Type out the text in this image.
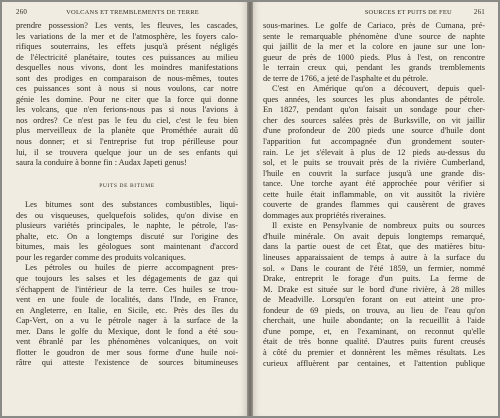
260	VOLCANS ET TREMBLEMENTS DE TERRE
prendre possession? Les vents, les fleuves, les cascades,
les variations de la mer et de l'atmosphère, les foyers calo-
rifiques souterrains, les effets jusqu'à présent négligés
de l'électricité planétaire, toutes ces puissances au milieu
desquelles nous vivons, dont les moindres manifestations
sont des prodiges en comparaison de nous-mêmes, toutes
ces puissances sont à nous si nous voulons, car notre
génie les domine. Pour ne citer que la force qui donne
les volcans, que n'en ferions-nous pas si nous l'avions à
nos ordres? Ce n'est pas le feu du ciel, c'est le feu bien
plus merveilleux de la planète que Prométhée aurait dû
nous donner; et si l'entreprise fut trop périlleuse pour
lui, il se trouvera quelque jour un de ses enfants qui
saura la conduire à bonne fin : Audax Japeti genus!
PUITS DE BITUME
Les bitumes sont des substances combustibles, liqui-
des ou visqueuses, quelquefois solides, qu'on divise en
plusieurs variétés principales, le naphte, le pétrole, l'as-
phalte, etc. On a longtemps discuté sur l'origine des
bitumes, mais les géologues sont maintenant d'accord
pour les regarder comme des produits volcaniques.
Les pétroles ou huiles de pierre accompagnent pres-
que toujours les salses et les dégagements de gaz qui
s'échappent de l'intérieur de la terre. Ces huiles se trou-
vent en une foule de localités, dans l'Inde, en France,
en Angleterre, en Italie, en Sicile, etc. Près des îles du
Cap-Vert, on a vu le pétrole nager à la surface de la
mer. Dans le golfe du Mexique, dont le fond a été sou-
vent ébranlé par les phénomènes volcaniques, on voit
flotter le goudron de mer sous forme d'une huile noi-
râtre qui atteste l'existence de sources bitumineuses
SOURCES ET PUITS DE FEU	261
sous-marines. Le golfe de Cariaco, près de Cumana, pré-
sente le remarquable phénomène d'une source de naphte
qui jaillit de la mer et la colore en jaune sur une lon-
gueur de près de 1000 pieds. Plus à l'est, on rencontre
le terrain creux qui, pendant les grands tremblements
de terre de 1766, a jeté de l'asphalte et du pétrole.
C'est en Amérique qu'on a découvert, depuis quel-
ques années, les sources les plus abondantes de pétrole.
En 1827, pendant qu'on faisait un sondage pour cher-
cher des sources salées près de Burksville, on vit jaillir
d'une profondeur de 200 pieds une source d'huile dont
l'apparition fut accompagnée d'un grondement souter-
rain. Le jet s'élevait à plus de 12 pieds au-dessus du
sol, et le puits se trouvait près de la rivière Cumberland,
l'huile en couvrit la surface jusqu'à une grande dis-
tance. Une torche ayant été approchée pour vérifier si
cette huile était inflammable, on vit aussitôt la rivière
couverte de grandes flammes qui causèrent de graves
dommages aux propriétés riveraines.
Il existe en Pensylvanie de nombreux puits ou sources
d'huile minérale. On avait depuis longtemps remarqué,
dans la partie ouest de cet État, que des matières bitu-
lineuses apparaissaient de temps à autre à la surface du
sol. « Dans le courant de l'été 1859, un fermier, nommé
Drake, entreprit le forage d'un puits. La ferme de
M. Drake est située sur le bord d'une rivière, à 28 milles
de Meadville. Lorsqu'en forant on eut atteint une pro-
fondeur de 69 pieds, on trouva, au lieu de l'eau qu'on
cherchait, une huile abondante; on la recueillit à l'aide
d'une pompe, et, en l'examinant, on reconnut qu'elle
était de très bonne qualité. D'autres puits furent creusés
à côté du premier et donnèrent les mêmes résultats. Les
curieux affluèrent par centaines, et l'attention publique
